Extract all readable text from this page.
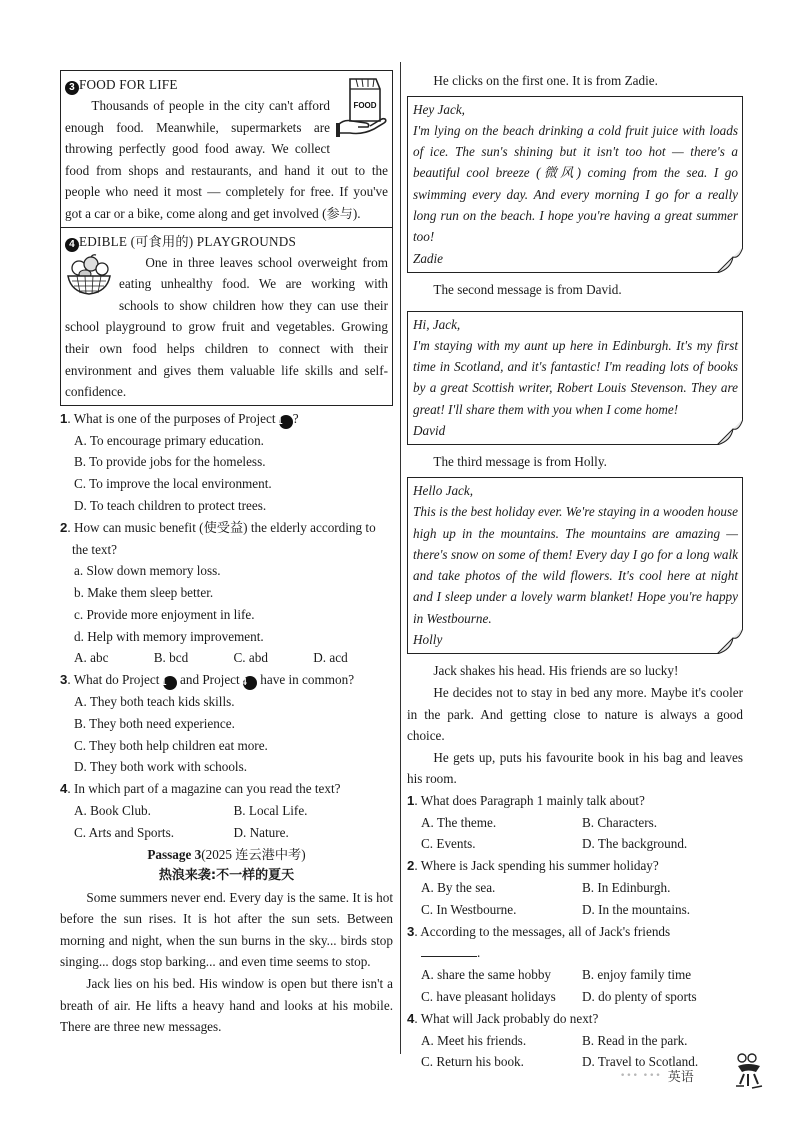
FOOD
3 FOOD FOR LIFE

Thousands of people in the city can't afford enough food. Meanwhile, supermarkets are throwing perfectly good food away. We collect food from shops and restaurants, and hand it out to the people who need it most — completely for free. If you've got a car or a bike, come along and get involved (参与).

4 EDIBLE (可食用的) PLAYGROUNDS

One in three leaves school overweight from eating unhealthy food. We are working with schools to show children how they can use their school playground to grow fruit and vegetables. Growing their own food helps children to connect with their environment and gives them valuable life skills and self-confidence.

1. What is one of the purposes of Project 1 ?
A. To encourage primary education.
B. To provide jobs for the homeless.
C. To improve the local environment.
D. To teach children to protect trees.
2. How can music benefit (使受益) the elderly according to the text?
a. Slow down memory loss.
b. Make them sleep better.
c. Provide more enjoyment in life.
d. Help with memory improvement.
A. abc	B. bcd	C. abd	D. acd
3. What do Project 1 and Project 4 have in common?
A. They both teach kids skills.
B. They both need experience.
C. They both help children eat more.
D. They both work with schools.
4. In which part of a magazine can you read the text?
A. Book Club.	B. Local Life.
C. Arts and Sports.	D. Nature.
Passage 3(2025 连云港中考)
热浪来袭:不一样的夏天

Some summers never end. Every day is the same. It is hot before the sun rises. It is hot after the sun sets. Between morning and night, when the sun burns in the sky... birds stop singing... dogs stop barking... and even time seems to stop.

Jack lies on his bed. His window is open but there isn't a breath of air. He lifts a heavy hand and looks at his mobile. There are three new messages.

He clicks on the first one. It is from Zadie.

Hey Jack,
I'm lying on the beach drinking a cold fruit juice with loads of ice. The sun's shining but it isn't too hot — there's a beautiful cool breeze (微风) coming from the sea. I go swimming every day. And every morning I go for a really long run on the beach. I hope you're having a great summer too!
Zadie

The second message is from David.

Hi, Jack,
I'm staying with my aunt up here in Edinburgh. It's my first time in Scotland, and it's fantastic! I'm reading lots of books by a great Scottish writer, Robert Louis Stevenson. They are great! I'll share them with you when I come home!
David

The third message is from Holly.

Hello Jack,
This is the best holiday ever. We're staying in a wooden house high up in the mountains. The mountains are amazing — there's snow on some of them! Every day I go for a long walk and take photos of the wild flowers. It's cool here at night and I sleep under a lovely warm blanket! Hope you're happy in Westbourne.
Holly

Jack shakes his head. His friends are so lucky!

He decides not to stay in bed any more. Maybe it's cooler in the park. And getting close to nature is always a good choice.

He gets up, puts his favourite book in his bag and leaves his room.

1. What does Paragraph 1 mainly talk about?
A. The theme.	B. Characters.
C. Events.	D. The background.
2. Where is Jack spending his summer holiday?
A. By the sea.	B. In Edinburgh.
C. In Westbourne.	D. In the mountains.
3. According to the messages, all of Jack's friends
.
A. share the same hobby	B. enjoy family time
C. have pleasant holidays	D. do plenty of sports
4. What will Jack probably do next?
A. Meet his friends.	B. Read in the park.
C. Return his book.	D. Travel to Scotland.
••• ••• 英语
